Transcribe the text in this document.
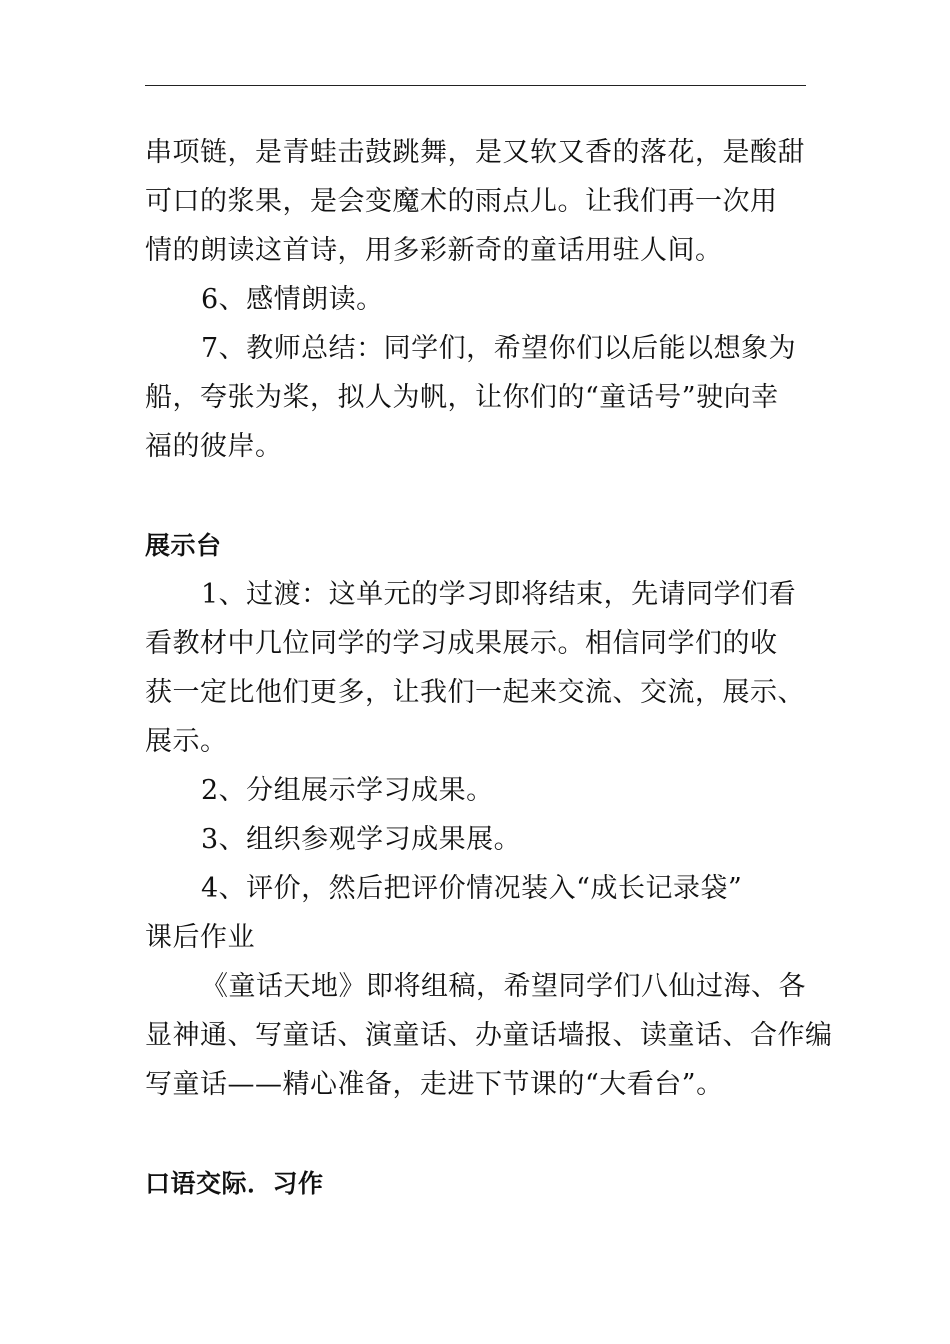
串项链，是青蛙击鼓跳舞，是又软又香的落花，是酸甜
可口的浆果，是会变魔术的雨点儿。让我们再一次用
情的朗读这首诗，用多彩新奇的童话用驻人间。
6、感情朗读。
7、教师总结：同学们，希望你们以后能以想象为
船，夸张为桨，拟人为帆，让你们的“童话号”驶向幸
福的彼岸。
展示台
1、过渡：这单元的学习即将结束，先请同学们看
看教材中几位同学的学习成果展示。相信同学们的收
获一定比他们更多，让我们一起来交流、交流，展示、
展示。
2、分组展示学习成果。
3、组织参观学习成果展。
4、评价，然后把评价情况装入“成长记录袋”
课后作业
《童话天地》即将组稿，希望同学们八仙过海、各
显神通、写童话、演童话、办童话墙报、读童话、合作编
写童话——精心准备，走进下节课的“大看台”。
口语交际．习作
